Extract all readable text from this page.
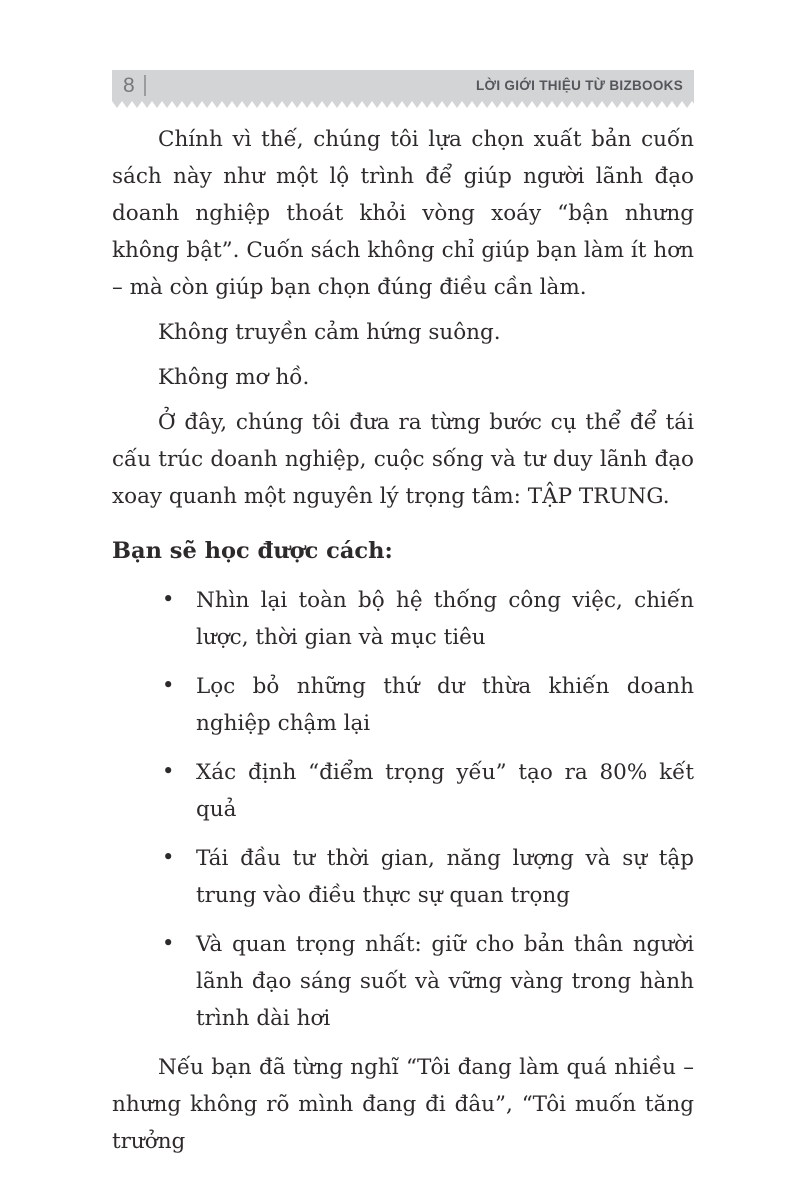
8	LỜI GIỚI THIỆU TỪ BIZBOOKS

Chính vì thế, chúng tôi lựa chọn xuất bản cuốn sách này như một lộ trình để giúp người lãnh đạo doanh nghiệp thoát khỏi vòng xoáy “bận nhưng không bật”. Cuốn sách không chỉ giúp bạn làm ít hơn – mà còn giúp bạn chọn đúng điều cần làm.

Không truyền cảm hứng suông.

Không mơ hồ.

Ở đây, chúng tôi đưa ra từng bước cụ thể để tái cấu trúc doanh nghiệp, cuộc sống và tư duy lãnh đạo xoay quanh một nguyên lý trọng tâm: TẬP TRUNG.

Bạn sẽ học được cách:
• Nhìn lại toàn bộ hệ thống công việc, chiến lược, thời gian và mục tiêu
• Lọc bỏ những thứ dư thừa khiến doanh nghiệp chậm lại
• Xác định “điểm trọng yếu” tạo ra 80% kết quả
• Tái đầu tư thời gian, năng lượng và sự tập trung vào điều thực sự quan trọng
• Và quan trọng nhất: giữ cho bản thân người lãnh đạo sáng suốt và vững vàng trong hành trình dài hơi

Nếu bạn đã từng nghĩ “Tôi đang làm quá nhiều – nhưng không rõ mình đang đi đâu”, “Tôi muốn tăng trưởng
